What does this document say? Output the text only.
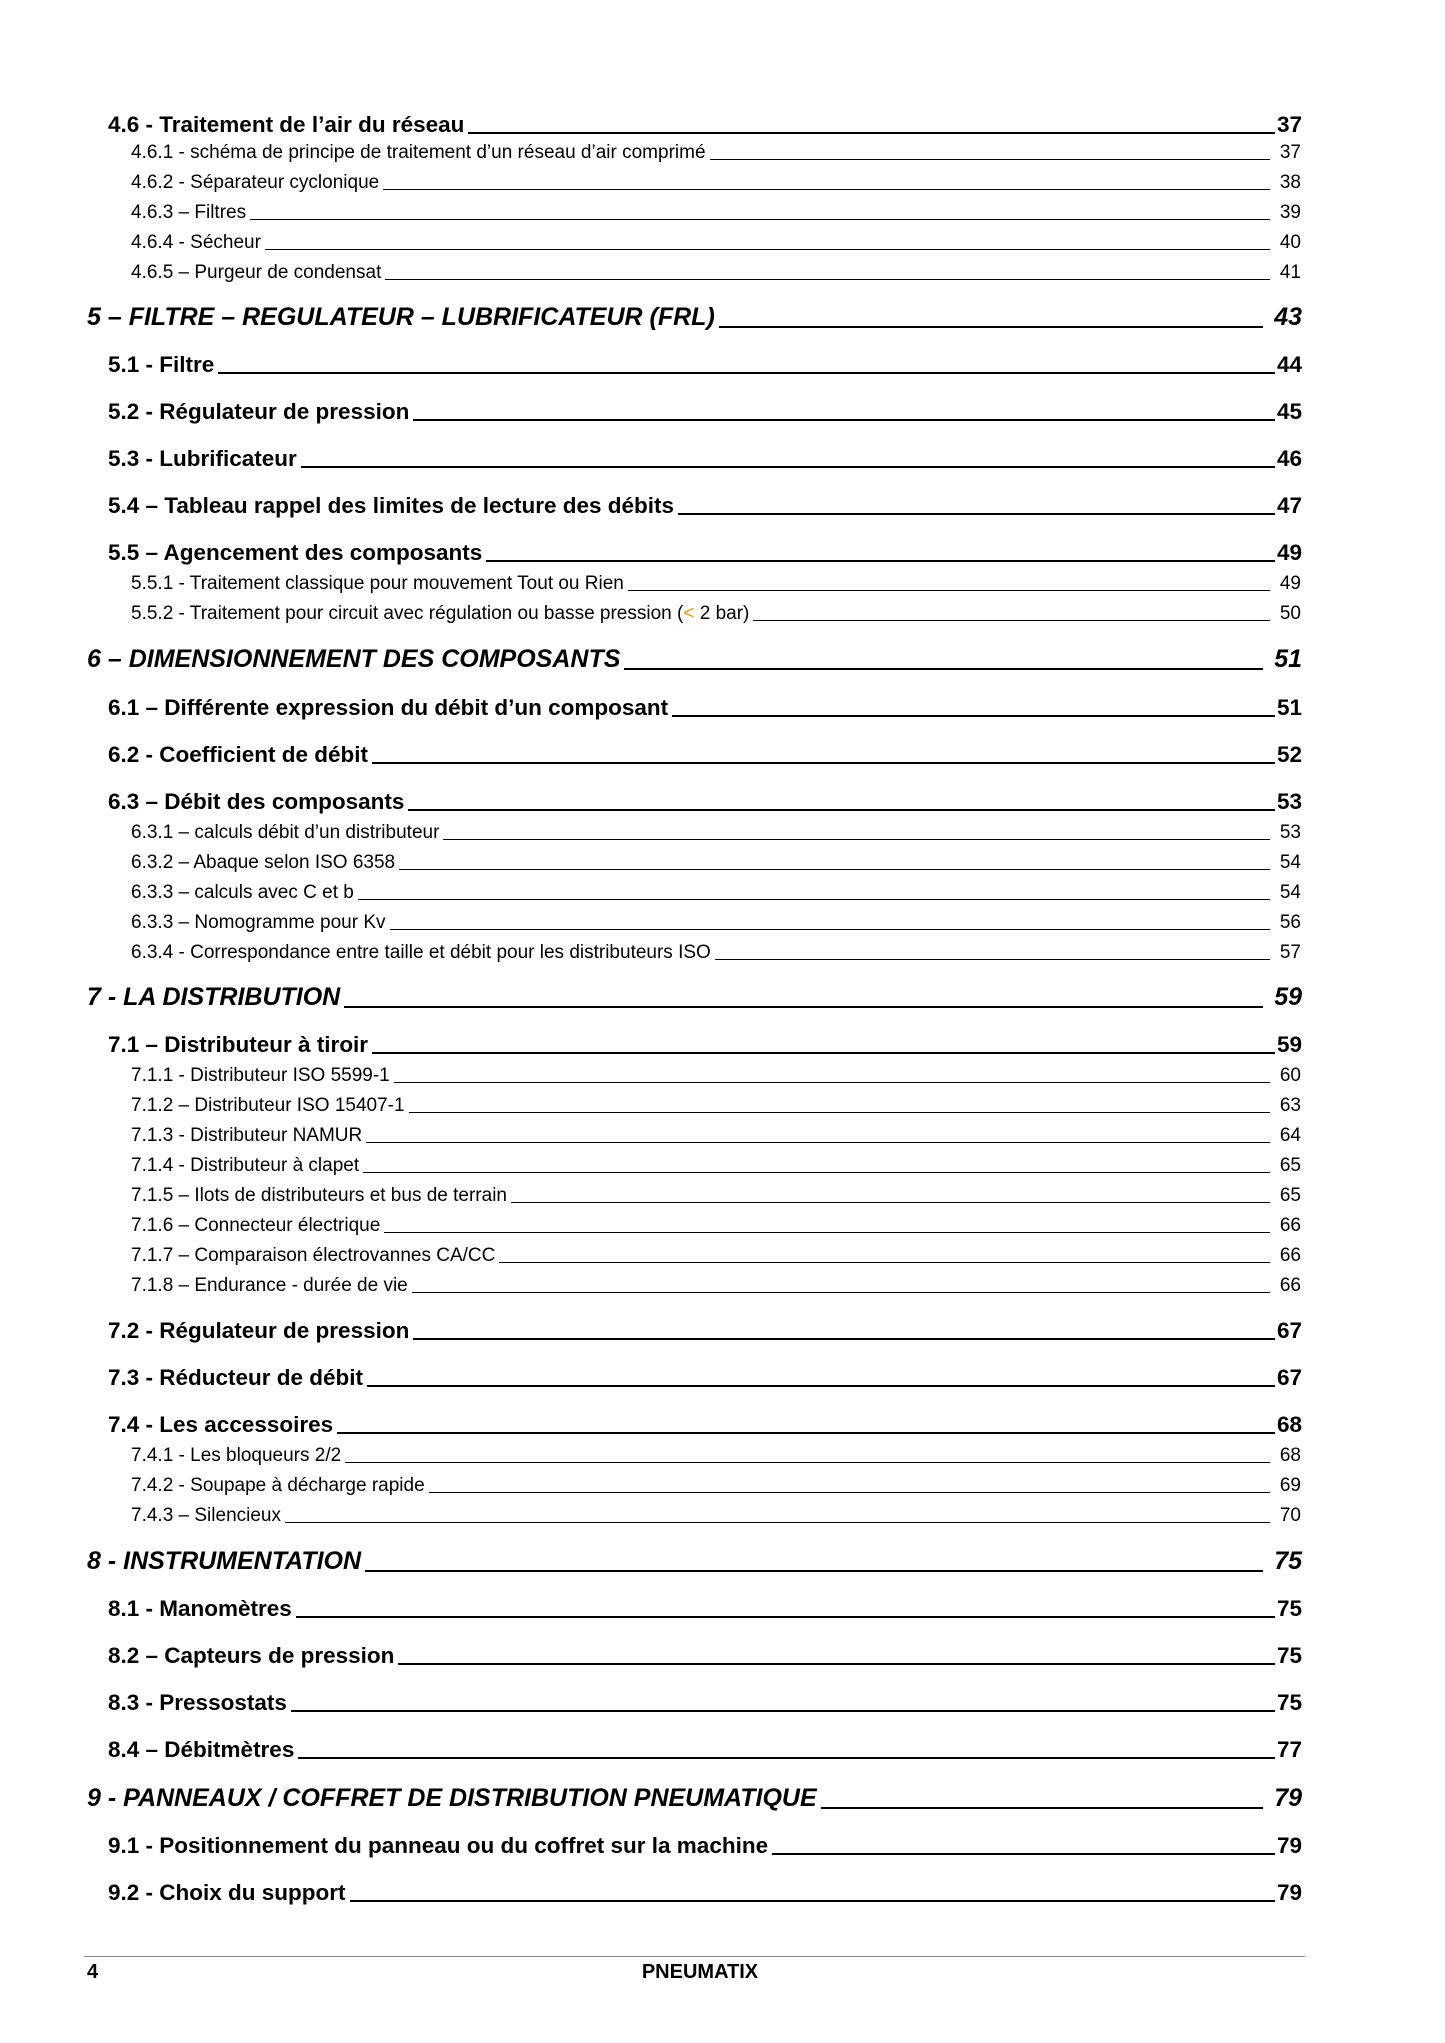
4.6 - Traitement de l’air du réseau	37
4.6.1 - schéma de principe de traitement d’un réseau d’air comprimé	37
4.6.2 - Séparateur cyclonique	38
4.6.3 – Filtres	39
4.6.4 - Sécheur	40
4.6.5 – Purgeur de condensat	41
5 – FILTRE – REGULATEUR – LUBRIFICATEUR (FRL)	43
5.1 - Filtre	44
5.2 - Régulateur de pression	45
5.3 - Lubrificateur	46
5.4 – Tableau rappel des limites de lecture des débits	47
5.5 – Agencement des composants	49
5.5.1 - Traitement classique pour mouvement Tout ou Rien	49
5.5.2 - Traitement pour circuit avec régulation ou basse pression (< 2 bar)	50
6 – DIMENSIONNEMENT DES COMPOSANTS	51
6.1 – Différente expression du débit d’un composant	51
6.2 - Coefficient de débit	52
6.3 – Débit des composants	53
6.3.1 – calculs débit d’un distributeur	53
6.3.2 – Abaque selon ISO 6358	54
6.3.3 – calculs avec C et b	54
6.3.3 – Nomogramme pour Kv	56
6.3.4 - Correspondance entre taille et débit pour les distributeurs ISO	57
7 - LA DISTRIBUTION	59
7.1 – Distributeur à tiroir	59
7.1.1 - Distributeur ISO 5599-1	60
7.1.2 – Distributeur ISO 15407-1	63
7.1.3 - Distributeur NAMUR	64
7.1.4 - Distributeur à clapet	65
7.1.5 – Ilots de distributeurs et bus de terrain	65
7.1.6 – Connecteur électrique	66
7.1.7 – Comparaison électrovannes CA/CC	66
7.1.8 – Endurance - durée de vie	66
7.2 - Régulateur de pression	67
7.3 - Réducteur de débit	67
7.4 - Les accessoires	68
7.4.1 - Les bloqueurs 2/2	68
7.4.2 - Soupape à décharge rapide	69
7.4.3 – Silencieux	70
8 - INSTRUMENTATION	75
8.1 - Manomètres	75
8.2 – Capteurs de pression	75
8.3 - Pressostats	75
8.4 – Débitmètres	77
9 - PANNEAUX / COFFRET DE DISTRIBUTION PNEUMATIQUE	79
9.1 - Positionnement du panneau ou du coffret sur la machine	79
9.2 - Choix du support	79
4	PNEUMATIX
